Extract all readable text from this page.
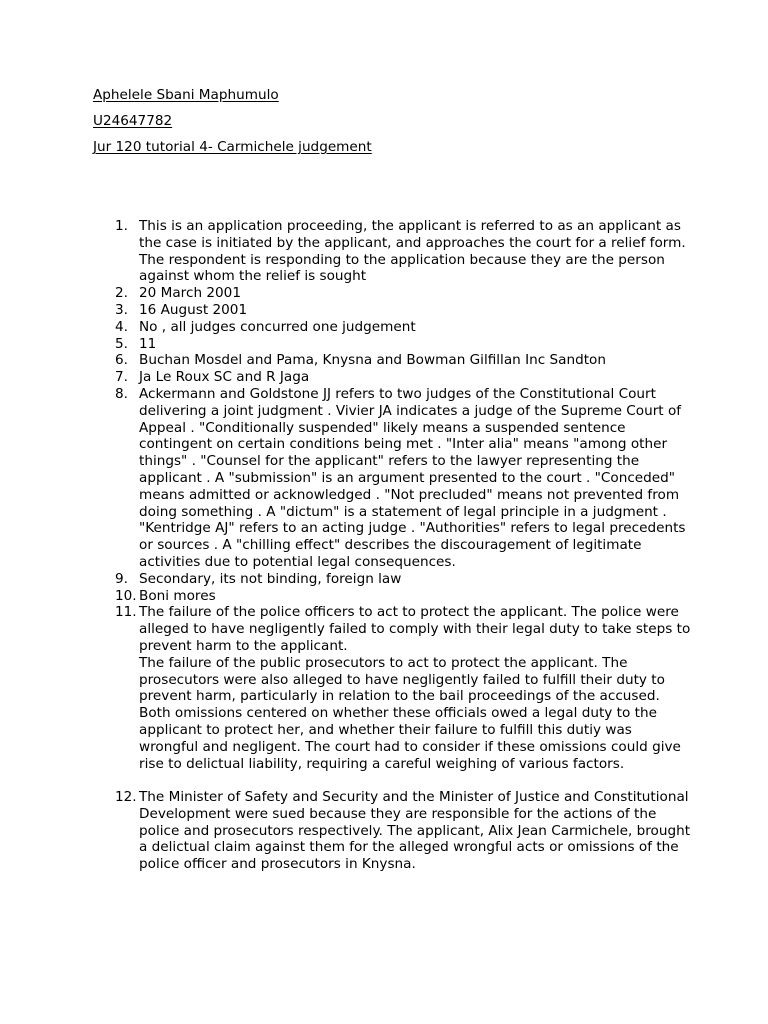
Aphelele Sbani Maphumulo
U24647782
Jur 120 tutorial 4- Carmichele judgement
1. This is an application proceeding, the applicant is referred to as an applicant as the case is initiated by the applicant, and approaches the court for a relief form. The respondent is responding to the application because they are the person against whom the relief is sought
2. 20 March 2001
3. 16 August 2001
4. No , all judges concurred one judgement
5. 11
6. Buchan Mosdel and Pama, Knysna and Bowman Gilfillan Inc Sandton
7. Ja Le Roux SC and R Jaga
8. Ackermann and Goldstone JJ refers to two judges of the Constitutional Court delivering a joint judgment . Vivier JA indicates a judge of the Supreme Court of Appeal . "Conditionally suspended" likely means a suspended sentence contingent on certain conditions being met . "Inter alia" means "among other things" . "Counsel for the applicant" refers to the lawyer representing the applicant . A "submission" is an argument presented to the court . "Conceded" means admitted or acknowledged . "Not precluded" means not prevented from doing something . A "dictum" is a statement of legal principle in a judgment . "Kentridge AJ" refers to an acting judge . "Authorities" refers to legal precedents or sources . A "chilling effect" describes the discouragement of legitimate activities due to potential legal consequences.
9. Secondary, its not binding, foreign law
10. Boni mores
11. The failure of the police officers to act to protect the applicant. The police were alleged to have negligently failed to comply with their legal duty to take steps to prevent harm to the applicant.
The failure of the public prosecutors to act to protect the applicant. The prosecutors were also alleged to have negligently failed to fulfill their duty to prevent harm, particularly in relation to the bail proceedings of the accused.
Both omissions centered on whether these officials owed a legal duty to the applicant to protect her, and whether their failure to fulfill this dutiy was wrongful and negligent. The court had to consider if these omissions could give rise to delictual liability, requiring a careful weighing of various factors.
12. The Minister of Safety and Security and the Minister of Justice and Constitutional Development were sued because they are responsible for the actions of the police and prosecutors respectively. The applicant, Alix Jean Carmichele, brought a delictual claim against them for the alleged wrongful acts or omissions of the police officer and prosecutors in Knysna.
